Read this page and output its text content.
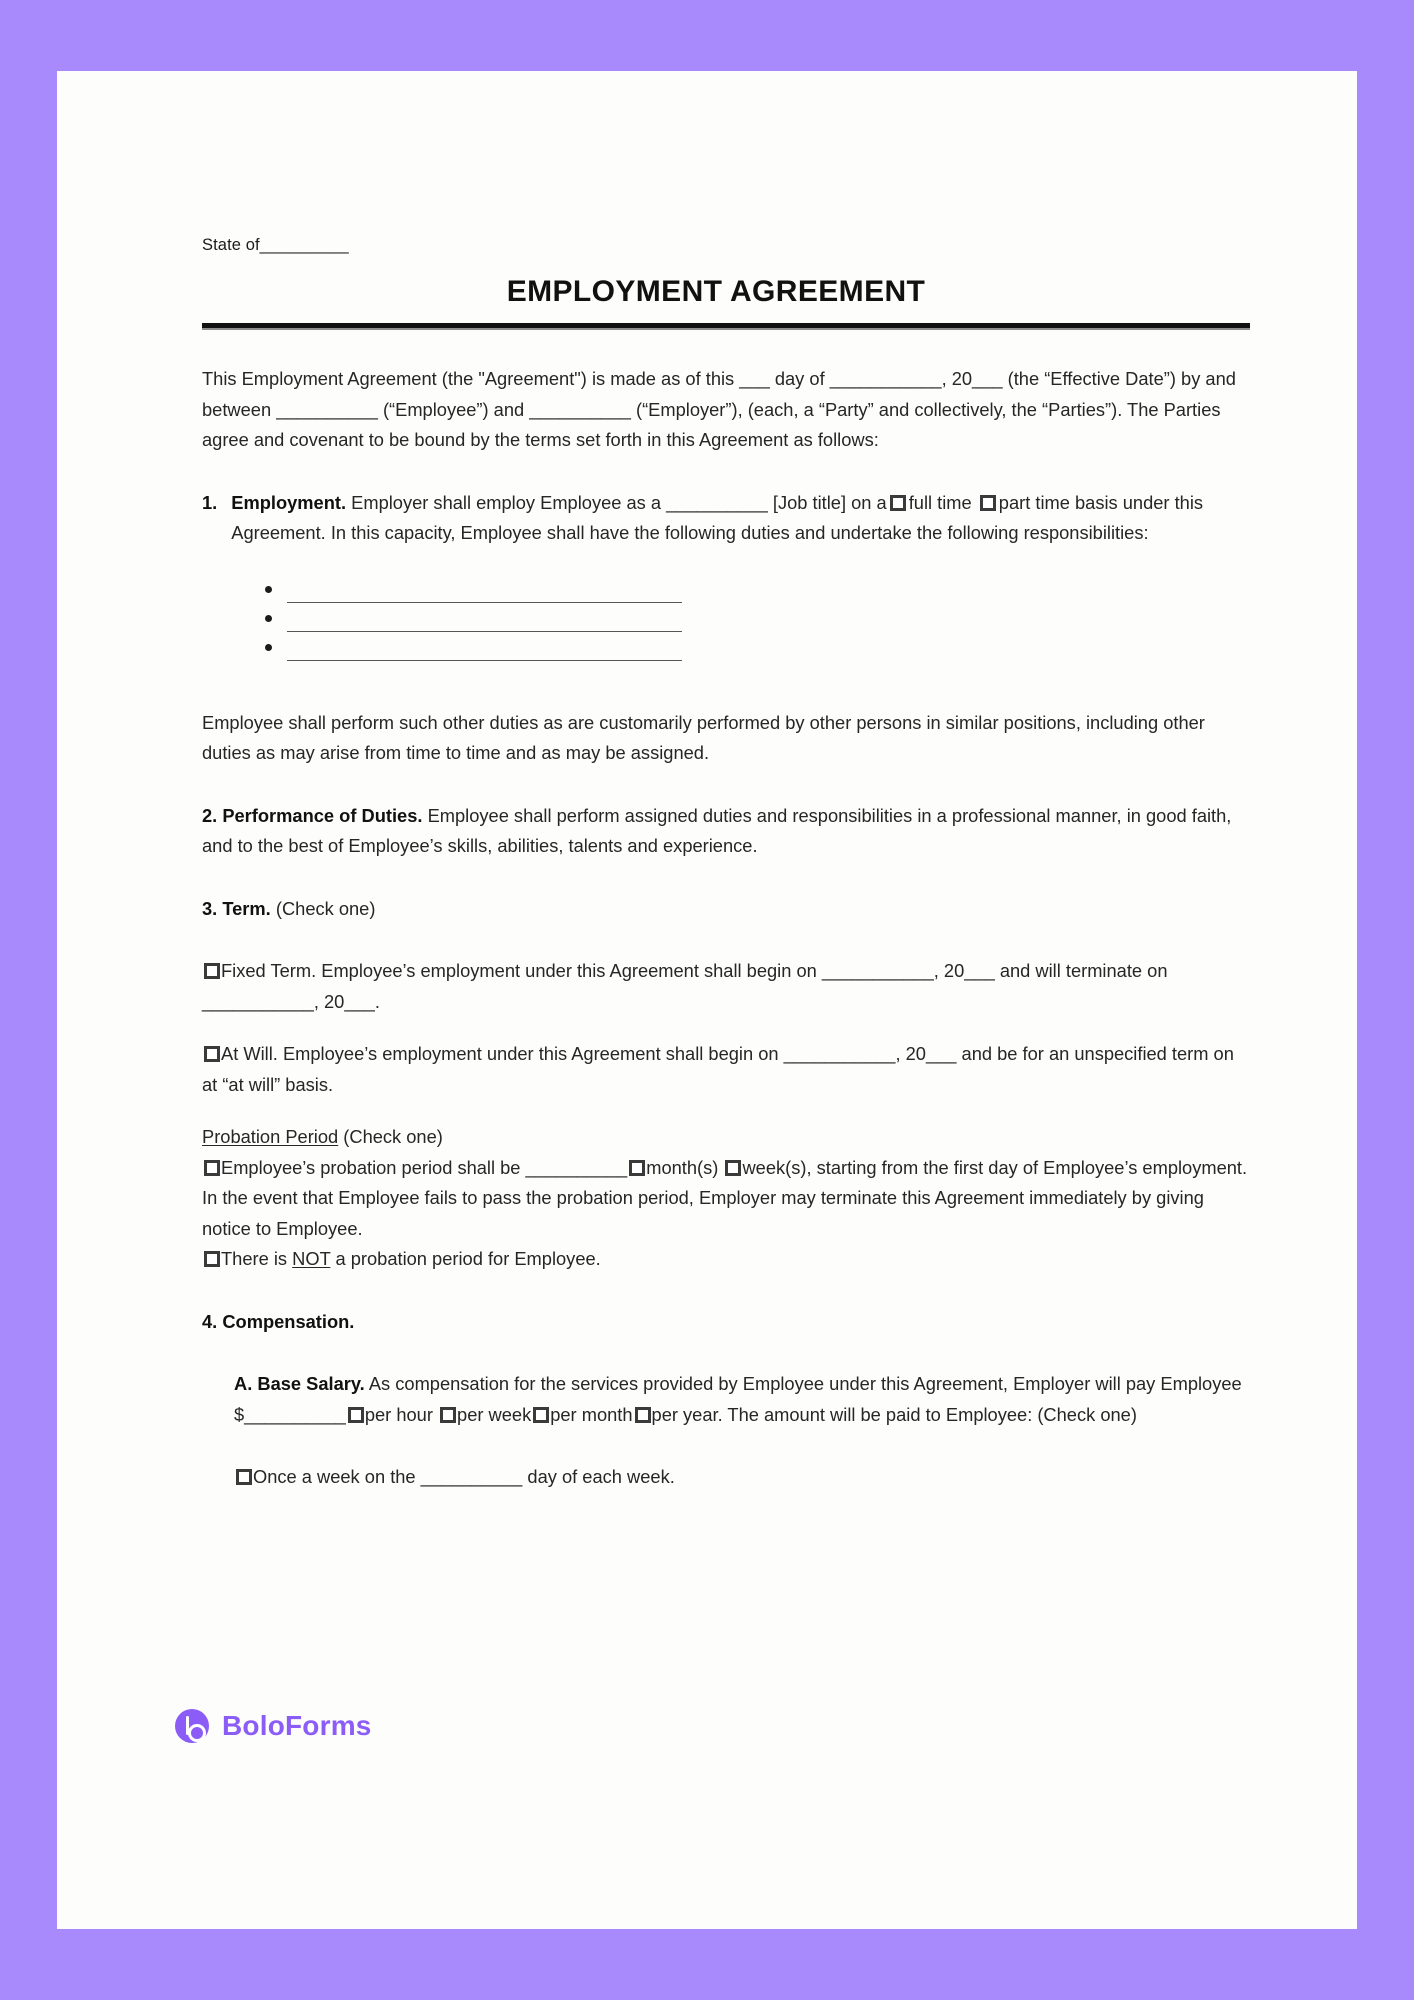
State of__________
EMPLOYMENT AGREEMENT

This Employment Agreement (the "Agreement") is made as of this ___ day of ___________, 20___ (the “Effective Date”) by and between __________ (“Employee”) and __________ (“Employer”), (each, a “Party” and collectively, the “Parties”). The Parties agree and covenant to be bound by the terms set forth in this Agreement as follows:

1. Employment. Employer shall employ Employee as a __________ [Job title] on a full time part time basis under this Agreement. In this capacity, Employee shall have the following duties and undertake the following responsibilities:

Employee shall perform such other duties as are customarily performed by other persons in similar positions, including other duties as may arise from time to time and as may be assigned.

2. Performance of Duties. Employee shall perform assigned duties and responsibilities in a professional manner, in good faith, and to the best of Employee’s skills, abilities, talents and experience.

3. Term. (Check one)

Fixed Term. Employee’s employment under this Agreement shall begin on ___________, 20___ and will terminate on ___________, 20___.

At Will. Employee’s employment under this Agreement shall begin on ___________, 20___ and be for an unspecified term on at “at will” basis.

Probation Period (Check one)

Employee’s probation period shall be __________ month(s) week(s), starting from the first day of Employee’s employment. In the event that Employee fails to pass the probation period, Employer may terminate this Agreement immediately by giving notice to Employee.

There is NOT a probation period for Employee.

4. Compensation.

A. Base Salary. As compensation for the services provided by Employee under this Agreement, Employer will pay Employee $__________ per hour per week per month per year. The amount will be paid to Employee: (Check one)

Once a week on the __________ day of each week.

BoloForms
